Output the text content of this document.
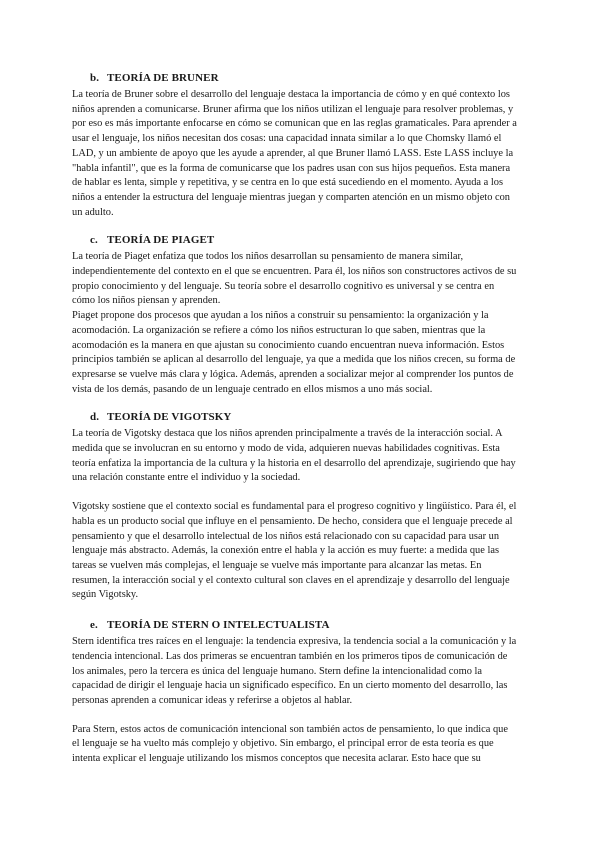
b. TEORÍA DE BRUNER

La teoría de Bruner sobre el desarrollo del lenguaje destaca la importancia de cómo y en qué contexto los niños aprenden a comunicarse. Bruner afirma que los niños utilizan el lenguaje para resolver problemas, y por eso es más importante enfocarse en cómo se comunican que en las reglas gramaticales. Para aprender a usar el lenguaje, los niños necesitan dos cosas: una capacidad innata similar a lo que Chomsky llamó el LAD, y un ambiente de apoyo que les ayude a aprender, al que Bruner llamó LASS. Este LASS incluye la "habla infantil", que es la forma de comunicarse que los padres usan con sus hijos pequeños. Esta manera de hablar es lenta, simple y repetitiva, y se centra en lo que está sucediendo en el momento. Ayuda a los niños a entender la estructura del lenguaje mientras juegan y comparten atención en un mismo objeto con un adulto.

c. TEORÍA DE PIAGET

La teoría de Piaget enfatiza que todos los niños desarrollan su pensamiento de manera similar, independientemente del contexto en el que se encuentren. Para él, los niños son constructores activos de su propio conocimiento y del lenguaje. Su teoría sobre el desarrollo cognitivo es universal y se centra en cómo los niños piensan y aprenden.

Piaget propone dos procesos que ayudan a los niños a construir su pensamiento: la organización y la acomodación. La organización se refiere a cómo los niños estructuran lo que saben, mientras que la acomodación es la manera en que ajustan su conocimiento cuando encuentran nueva información. Estos principios también se aplican al desarrollo del lenguaje, ya que a medida que los niños crecen, su forma de expresarse se vuelve más clara y lógica. Además, aprenden a socializar mejor al comprender los puntos de vista de los demás, pasando de un lenguaje centrado en ellos mismos a uno más social.

d. TEORÍA DE VIGOTSKY

La teoría de Vigotsky destaca que los niños aprenden principalmente a través de la interacción social. A medida que se involucran en su entorno y modo de vida, adquieren nuevas habilidades cognitivas. Esta teoría enfatiza la importancia de la cultura y la historia en el desarrollo del aprendizaje, sugiriendo que hay una relación constante entre el individuo y la sociedad.

Vigotsky sostiene que el contexto social es fundamental para el progreso cognitivo y lingüístico. Para él, el habla es un producto social que influye en el pensamiento. De hecho, considera que el lenguaje precede al pensamiento y que el desarrollo intelectual de los niños está relacionado con su capacidad para usar un lenguaje más abstracto. Además, la conexión entre el habla y la acción es muy fuerte: a medida que las tareas se vuelven más complejas, el lenguaje se vuelve más importante para alcanzar las metas. En resumen, la interacción social y el contexto cultural son claves en el aprendizaje y desarrollo del lenguaje según Vigotsky.

e. TEORÍA DE STERN O INTELECTUALISTA

Stern identifica tres raíces en el lenguaje: la tendencia expresiva, la tendencia social a la comunicación y la tendencia intencional. Las dos primeras se encuentran también en los primeros tipos de comunicación de los animales, pero la tercera es única del lenguaje humano. Stern define la intencionalidad como la capacidad de dirigir el lenguaje hacia un significado específico. En un cierto momento del desarrollo, las personas aprenden a comunicar ideas y referirse a objetos al hablar.

Para Stern, estos actos de comunicación intencional son también actos de pensamiento, lo que indica que el lenguaje se ha vuelto más complejo y objetivo. Sin embargo, el principal error de esta teoría es que intenta explicar el lenguaje utilizando los mismos conceptos que necesita aclarar. Esto hace que su
